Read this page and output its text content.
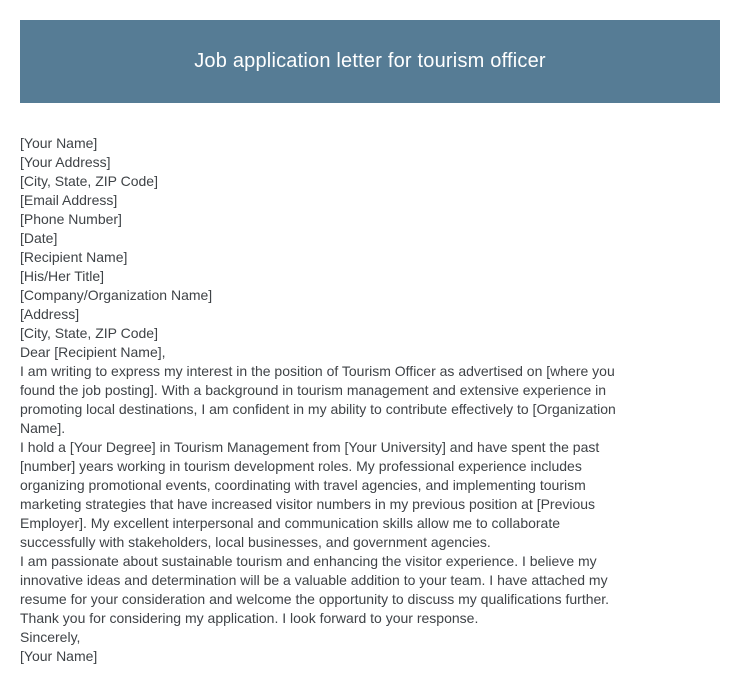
Job application letter for tourism officer
[Your Name]
[Your Address]
[City, State, ZIP Code]
[Email Address]
[Phone Number]
[Date]
[Recipient Name]
[His/Her Title]
[Company/Organization Name]
[Address]
[City, State, ZIP Code]
Dear [Recipient Name],
I am writing to express my interest in the position of Tourism Officer as advertised on [where you
found the job posting]. With a background in tourism management and extensive experience in
promoting local destinations, I am confident in my ability to contribute effectively to [Organization
Name].
I hold a [Your Degree] in Tourism Management from [Your University] and have spent the past
[number] years working in tourism development roles. My professional experience includes
organizing promotional events, coordinating with travel agencies, and implementing tourism
marketing strategies that have increased visitor numbers in my previous position at [Previous
Employer]. My excellent interpersonal and communication skills allow me to collaborate
successfully with stakeholders, local businesses, and government agencies.
I am passionate about sustainable tourism and enhancing the visitor experience. I believe my
innovative ideas and determination will be a valuable addition to your team. I have attached my
resume for your consideration and welcome the opportunity to discuss my qualifications further.
Thank you for considering my application. I look forward to your response.
Sincerely,
[Your Name]
